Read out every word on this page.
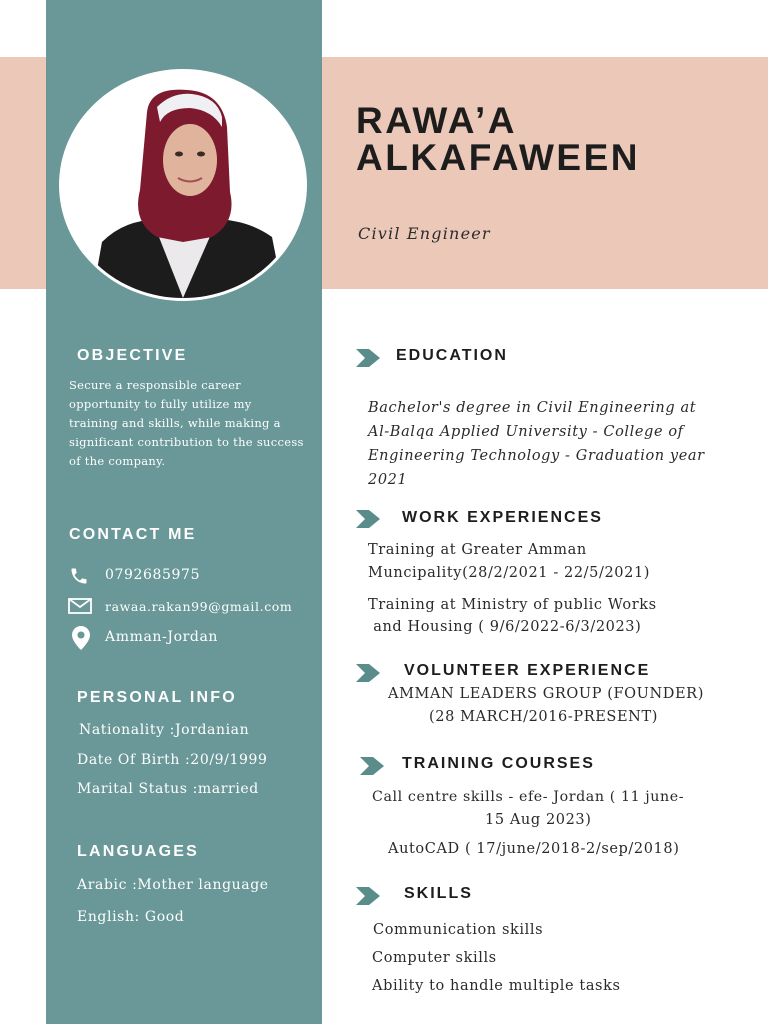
RAWA’A
ALKAFAWEEN
Civil Engineer
OBJECTIVE
Secure a responsible career opportunity to fully utilize my training and skills, while making a significant contribution to the success of the company.
CONTACT ME
0792685975
rawaa.rakan99@gmail.com
Amman-Jordan
PERSONAL INFO
Nationality :Jordanian
Date Of Birth :20/9/1999
Marital Status :married
LANGUAGES
Arabic :Mother language
English: Good
EDUCATION
Bachelor's degree in Civil Engineering at Al-Balqa Applied University - College of Engineering Technology - Graduation year 2021
WORK EXPERIENCES
Training at Greater Amman
Muncipality(28/2/2021 - 22/5/2021)
Training at Ministry of public Works
and Housing ( 9/6/2022-6/3/2023)
VOLUNTEER EXPERIENCE
AMMAN LEADERS GROUP (FOUNDER)
(28 MARCH/2016-PRESENT)
TRAINING COURSES
Call centre skills - efe- Jordan ( 11 june-
15 Aug 2023)
AutoCAD ( 17/june/2018-2/sep/2018)
SKILLS
Communication skills
Computer skills
Ability to handle multiple tasks
